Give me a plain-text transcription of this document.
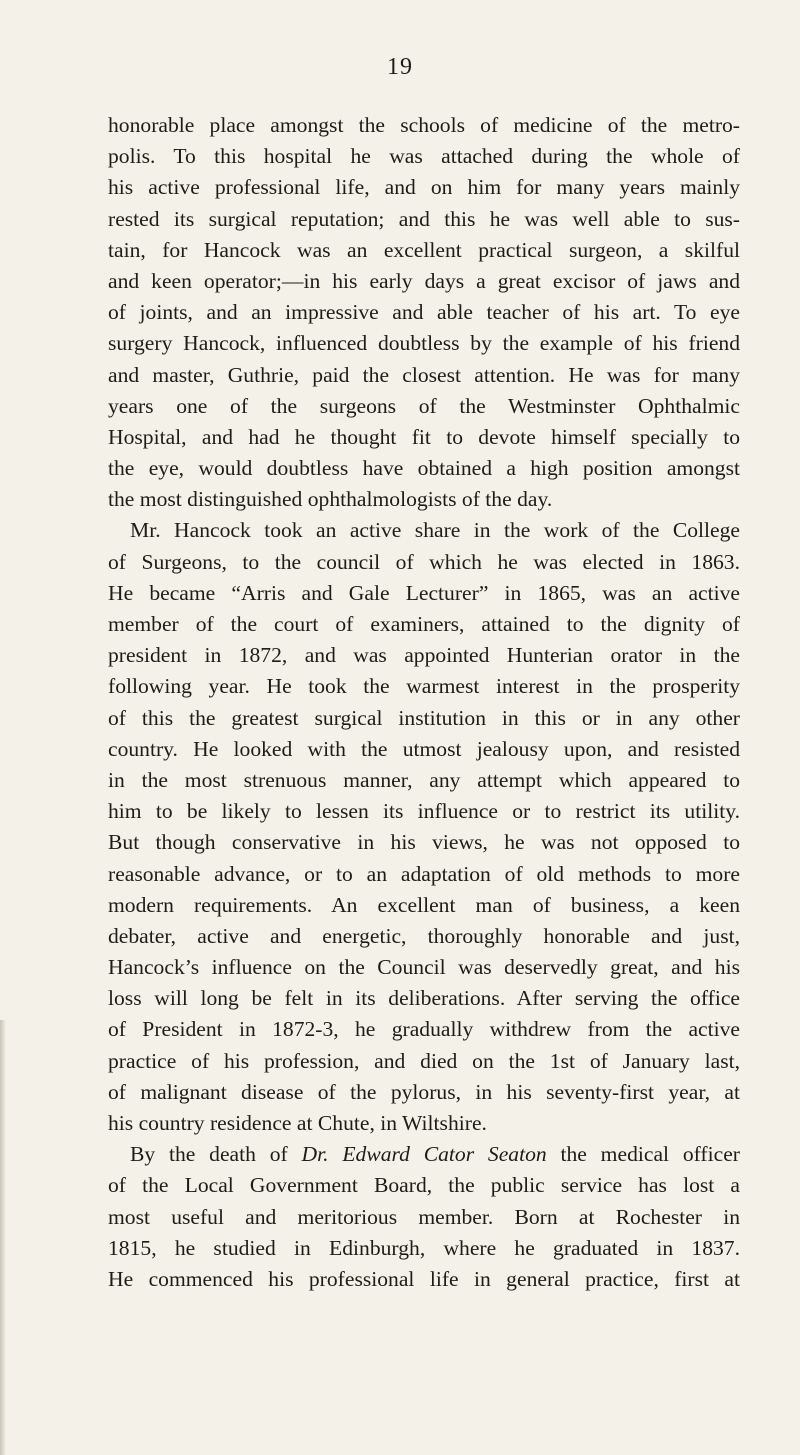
19
honorable place amongst the schools of medicine of the metro-
polis. To this hospital he was attached during the whole of
his active professional life, and on him for many years mainly
rested its surgical reputation; and this he was well able to sus-
tain, for Hancock was an excellent practical surgeon, a skilful
and keen operator;—in his early days a great excisor of jaws and
of joints, and an impressive and able teacher of his art. To eye
surgery Hancock, influenced doubtless by the example of his friend
and master, Guthrie, paid the closest attention. He was for many
years one of the surgeons of the Westminster Ophthalmic
Hospital, and had he thought fit to devote himself specially to
the eye, would doubtless have obtained a high position amongst
the most distinguished ophthalmologists of the day.
Mr. Hancock took an active share in the work of the College
of Surgeons, to the council of which he was elected in 1863.
He became “Arris and Gale Lecturer” in 1865, was an active
member of the court of examiners, attained to the dignity of
president in 1872, and was appointed Hunterian orator in the
following year. He took the warmest interest in the prosperity
of this the greatest surgical institution in this or in any other
country. He looked with the utmost jealousy upon, and resisted
in the most strenuous manner, any attempt which appeared to
him to be likely to lessen its influence or to restrict its utility.
But though conservative in his views, he was not opposed to
reasonable advance, or to an adaptation of old methods to more
modern requirements. An excellent man of business, a keen
debater, active and energetic, thoroughly honorable and just,
Hancock’s influence on the Council was deservedly great, and his
loss will long be felt in its deliberations. After serving the office
of President in 1872-3, he gradually withdrew from the active
practice of his profession, and died on the 1st of January last,
of malignant disease of the pylorus, in his seventy-first year, at
his country residence at Chute, in Wiltshire.
By the death of Dr. Edward Cator Seaton the medical officer
of the Local Government Board, the public service has lost a
most useful and meritorious member. Born at Rochester in
1815, he studied in Edinburgh, where he graduated in 1837.
He commenced his professional life in general practice, first at
